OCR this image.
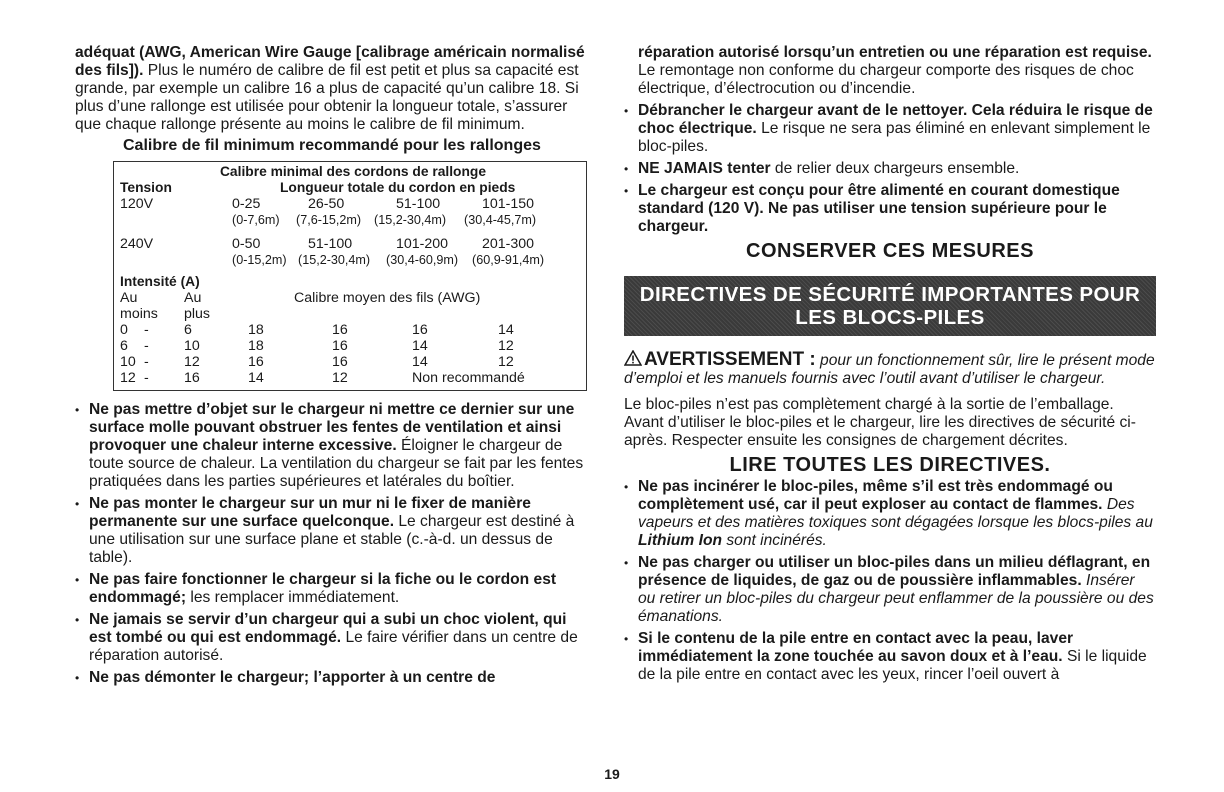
adéquat (AWG, American Wire Gauge [calibrage américain normalisé des fils]). Plus le numéro de calibre de fil est petit et plus sa capacité est grande, par exemple un calibre 16 a plus de capacité qu’un calibre 18. Si plus d’une rallonge est utilisée pour obtenir la longueur totale, s’assurer que chaque rallonge présente au moins le calibre de fil minimum.

Calibre de fil minimum recommandé pour les rallonges

Calibre minimal des cordons de rallonge
Tension	Longueur totale du cordon en pieds
120V	0-25	26-50	51-100	101-150
(0-7,6m)	(7,6-15,2m)	(15,2-30,4m)	(30,4-45,7m)
240V	0-50	51-100	101-200	201-300
(0-15,2m) (15,2-30,4m)	(30,4-60,9m)	(60,9-91,4m)
Intensité (A)
Au	Au	Calibre moyen des fils (AWG)
moins	plus
0	-	6	18	16	16	14
6	-	10	18	16	14	12
10 -	12	16	16	14	12
12 -	16	14	12	Non recommandé

• Ne pas mettre d’objet sur le chargeur ni mettre ce dernier sur une surface molle pouvant obstruer les fentes de ventilation et ainsi provoquer une chaleur interne excessive. Éloigner le chargeur de toute source de chaleur. La ventilation du chargeur se fait par les fentes pratiquées dans les parties supérieures et latérales du boîtier.

• Ne pas monter le chargeur sur un mur ni le fixer de manière permanente sur une surface quelconque. Le chargeur est destiné à une utilisation sur une surface plane et stable (c.-à-d. un dessus de table).

• Ne pas faire fonctionner le chargeur si la fiche ou le cordon est endommagé; les remplacer immédiatement.

• Ne jamais se servir d’un chargeur qui a subi un choc violent, qui est tombé ou qui est endommagé. Le faire vérifier dans un centre de réparation autorisé.

• Ne pas démonter le chargeur; l’apporter à un centre de

réparation autorisé lorsqu’un entretien ou une réparation est requise. Le remontage non conforme du chargeur comporte des risques de choc électrique, d’électrocution ou d’incendie.

• Débrancher le chargeur avant de le nettoyer. Cela réduira le risque de choc électrique. Le risque ne sera pas éliminé en enlevant simplement le bloc-piles.

• NE JAMAIS tenter de relier deux chargeurs ensemble.

• Le chargeur est conçu pour être alimenté en courant domestique standard (120 V). Ne pas utiliser une tension supérieure pour le chargeur.

CONSERVER CES MESURES
DIRECTIVES DE SÉCURITÉ IMPORTANTES POUR
LES BLOCS-PILES

AVERTISSEMENT : pour un fonctionnement sûr, lire le présent mode d’emploi et les manuels fournis avec l’outil avant d’utiliser le chargeur.

Le bloc-piles n’est pas complètement chargé à la sortie de l’emballage. Avant d’utiliser le bloc-piles et le chargeur, lire les directives de sécurité ci-après. Respecter ensuite les consignes de chargement décrites.

LIRE TOUTES LES DIRECTIVES.

• Ne pas incinérer le bloc-piles, même s’il est très endommagé ou complètement usé, car il peut exploser au contact de flammes. Des vapeurs et des matières toxiques sont dégagées lorsque les blocs-piles au Lithium Ion sont incinérés.

• Ne pas charger ou utiliser un bloc-piles dans un milieu déflagrant, en présence de liquides, de gaz ou de poussière inflammables. Insérer ou retirer un bloc-piles du chargeur peut enflammer de la poussière ou des émanations.

• Si le contenu de la pile entre en contact avec la peau, laver immédiatement la zone touchée au savon doux et à l’eau. Si le liquide de la pile entre en contact avec les yeux, rincer l’oeil ouvert à

19
